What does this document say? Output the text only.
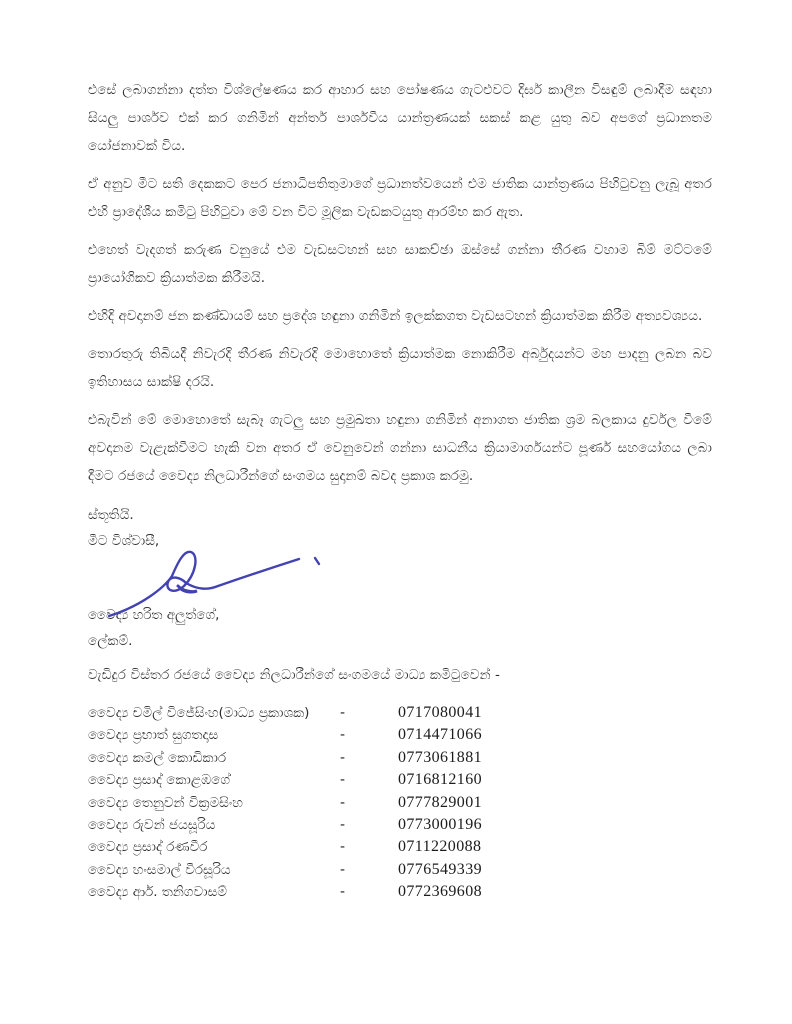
එසේ ලබාගන්නා දත්ත විශ්ලේෂණය කර ආහාර සහ පෝෂණය ගැටළුවට දිර්ඝ කාලීන විසඳුම් ලබාදීම සඳහා සියලු පාර්ශව එක් කර ගනිමින් අන්තර් පාර්ශවීය යාන්ත්‍රණයක් සකස් කළ යුතු බව අපගේ ප්‍රධානතම යෝජනාවක් විය.

ඒ අනුව මීට සති දෙකකට පෙර ජනාධිපතිතුමාගේ ප්‍රධානත්වයෙන් එම ජාතික යාන්ත්‍රණය පිහිටුවනු ලැබූ අතර එහි ප්‍රාදේශීය කමිටු පිහිටුවා මේ වන විට මූලික වැඩකටයුතු ආරම්භ කර ඇත.

එහෙත් වැදගත් කරුණ වනුයේ එම වැඩසටහන් සහ සාකච්ඡා ඔස්සේ ගන්නා තීරණ වහාම බිම් මට්ටමේ ප්‍රායෝගිකව ක්‍රියාත්මක කිරීමයි.

එහිදි අවදානම් ජන කණ්ඩායම් සහ ප්‍රදේශ හඳුනා ගනිමින් ඉලක්කගත වැඩසටහන් ක්‍රියාත්මක කිරීම අත්‍යවශ්‍යය.

තොරතුරු තිබියදී නිවැරදි තීරණ නිවැරදි මොහොතේ ක්‍රියාත්මක නොකිරීම අර්බුදයන්ට මහ පාදනු ලබන බව ඉතිහාසය සාක්ෂි දරයි.

එබැවින් මේ මොහොතේ සැබෑ ගැටලු සහ ප්‍රමුඛතා හඳුනා ගනිමින් අනාගත ජාතික ශ්‍රම බලකාය දුර්වල වීමේ අවදානම වැළැක්වීමට හැකි වන අතර ඒ වෙනුවෙන් ගන්නා සාධනීය ක්‍රියාමාර්ගයන්ට පූර්ණ සහයෝගය ලබා දීමට රජයේ වෛද්‍ය නිලධාරීන්ගේ සංගමය සුදානම් බවද ප්‍රකාශ කරමු.

ස්තූතියි.
මීට විශ්වාසී,
වෛද්‍ය හරිත අලුත්ගේ,
ලේකම්.
වැඩිදුර විස්තර රජයේ වෛද්‍ය නිලධාරීන්ගේ සංගමයේ මාධ්‍ය කමිටුවෙන් -
වෛද්‍ය චමිල් විජේසිංහ(මාධ්‍ය ප්‍රකාශක)	-	0717080041
වෛද්‍ය ප්‍රභාත් සුගතදාස	-	0714471066
වෛද්‍ය කමල් කොඩිකාර	-	0773061881
වෛද්‍ය ප්‍රසාද් කොළඹගේ	-	0716812160
වෛද්‍ය තෙනුවන් වික්‍රමසිංහ	-	0777829001
වෛද්‍ය රුවන් ජයසූරිය	-	0773000196
වෛද්‍ය ප්‍රසාද් රණවීර	-	0711220088
වෛද්‍ය හංසමාල් වීරසූරිය	-	0776549339
වෛද්‍ය ආර්. තනිගවාසම්	-	0772369608
